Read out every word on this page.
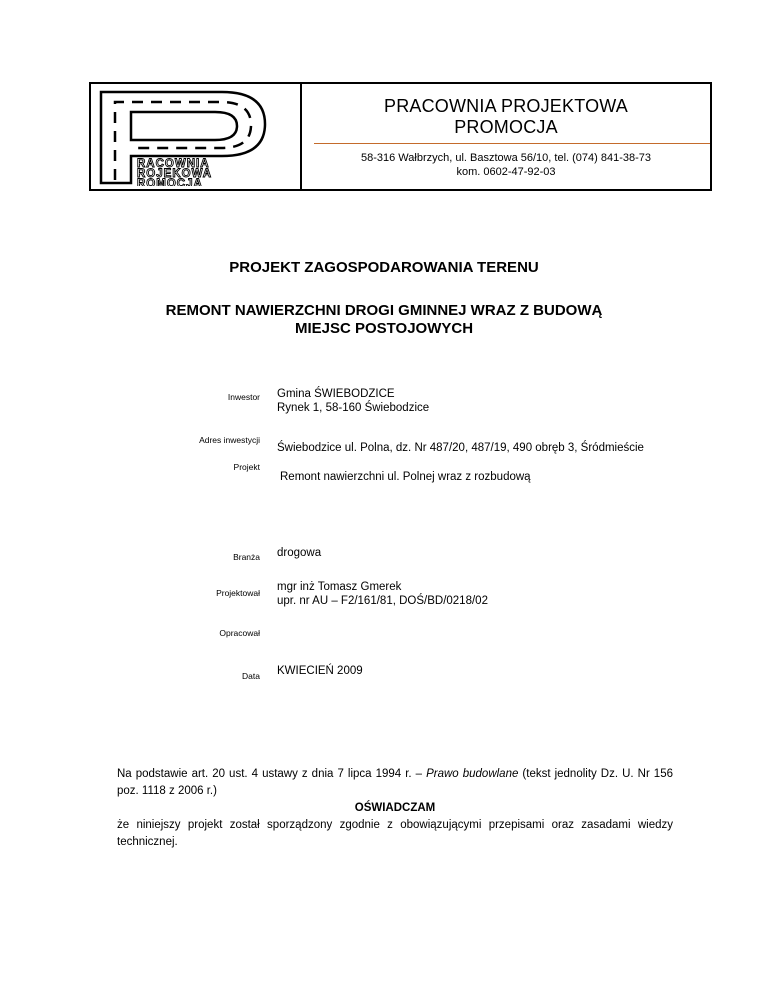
RACOWNIA
ROJEKOWA
ROMOCJA
PRACOWNIA PROJEKTOWA
PROMOCJA
58-316 Wałbrzych, ul. Basztowa 56/10, tel. (074) 841-38-73
kom. 0602-47-92-03
PROJEKT ZAGOSPODAROWANIA TERENU
REMONT NAWIERZCHNI DROGI GMINNEJ WRAZ Z BUDOWĄ
MIEJSC POSTOJOWYCH
Inwestor Gmina ŚWIEBODZICE
Rynek 1, 58-160 Świebodzice
Adres inwestycji
Świebodzice ul. Polna, dz. Nr 487/20, 487/19, 490 obręb 3, Śródmieście
Projekt
Remont nawierzchni ul. Polnej wraz z rozbudową
Branża drogowa
Projektował mgr inż Tomasz Gmerek
upr. nr AU – F2/161/81, DOŚ/BD/0218/02
Opracował
Data KWIECIEŃ 2009

Na podstawie art. 20 ust. 4 ustawy z dnia 7 lipca 1994 r. – Prawo budowlane (tekst jednolity Dz. U. Nr 156 poz. 1118 z 2006 r.)

OŚWIADCZAM

że niniejszy projekt został sporządzony zgodnie z obowiązującymi przepisami oraz zasadami wiedzy technicznej.
